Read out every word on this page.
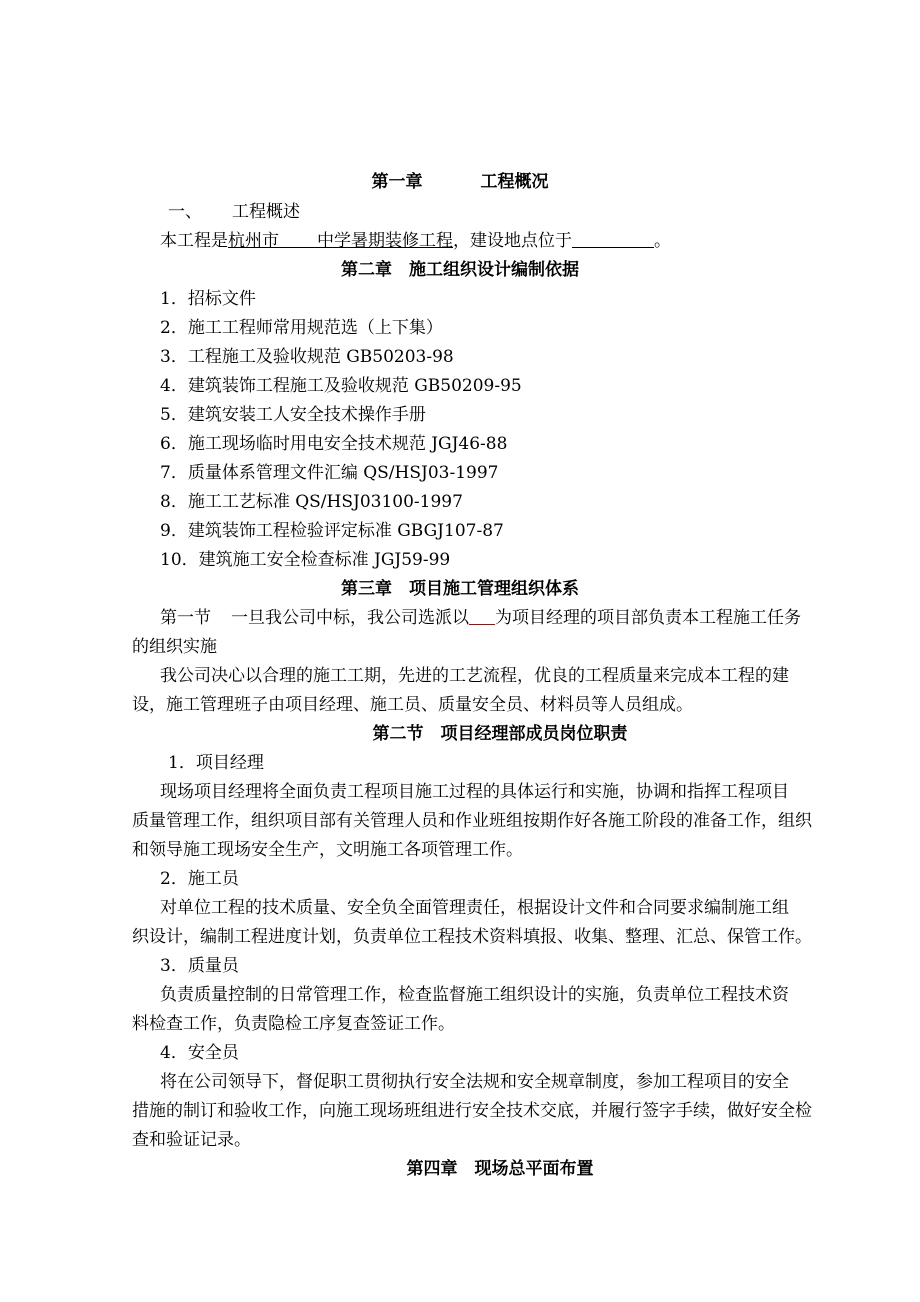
第一章	工程概况
一、 工程概述
本工程是杭州市 中学暑期装修工程，建设地点位于	。
第二章　施工组织设计编制依据
1．招标文件
2．施工工程师常用规范选（上下集）
3．工程施工及验收规范 GB50203-98
4．建筑装饰工程施工及验收规范 GB50209-95
5．建筑安装工人安全技术操作手册
6．施工现场临时用电安全技术规范 JGJ46-88
7．质量体系管理文件汇编 QS/HSJ03-1997
8．施工工艺标准 QS/HSJ03100-1997
9．建筑装饰工程检验评定标准 GBGJ107-87
10．建筑施工安全检查标准 JGJ59-99
第三章　项目施工管理组织体系
第一节 一旦我公司中标，我公司选派以 为项目经理的项目部负责本工程施工任务
的组织实施
我公司决心以合理的施工工期，先进的工艺流程，优良的工程质量来完成本工程的建
设，施工管理班子由项目经理、施工员、质量安全员、材料员等人员组成。
第二节　项目经理部成员岗位职责
1．项目经理
现场项目经理将全面负责工程项目施工过程的具体运行和实施，协调和指挥工程项目
质量管理工作，组织项目部有关管理人员和作业班组按期作好各施工阶段的准备工作，组织
和领导施工现场安全生产，文明施工各项管理工作。
2．施工员
对单位工程的技术质量、安全负全面管理责任，根据设计文件和合同要求编制施工组
织设计，编制工程进度计划，负责单位工程技术资料填报、收集、整理、汇总、保管工作。
3．质量员
负责质量控制的日常管理工作，检查监督施工组织设计的实施，负责单位工程技术资
料检查工作，负责隐检工序复查签证工作。
4．安全员
将在公司领导下，督促职工贯彻执行安全法规和安全规章制度，参加工程项目的安全
措施的制订和验收工作，向施工现场班组进行安全技术交底，并履行签字手续，做好安全检
查和验证记录。
第四章　现场总平面布置
